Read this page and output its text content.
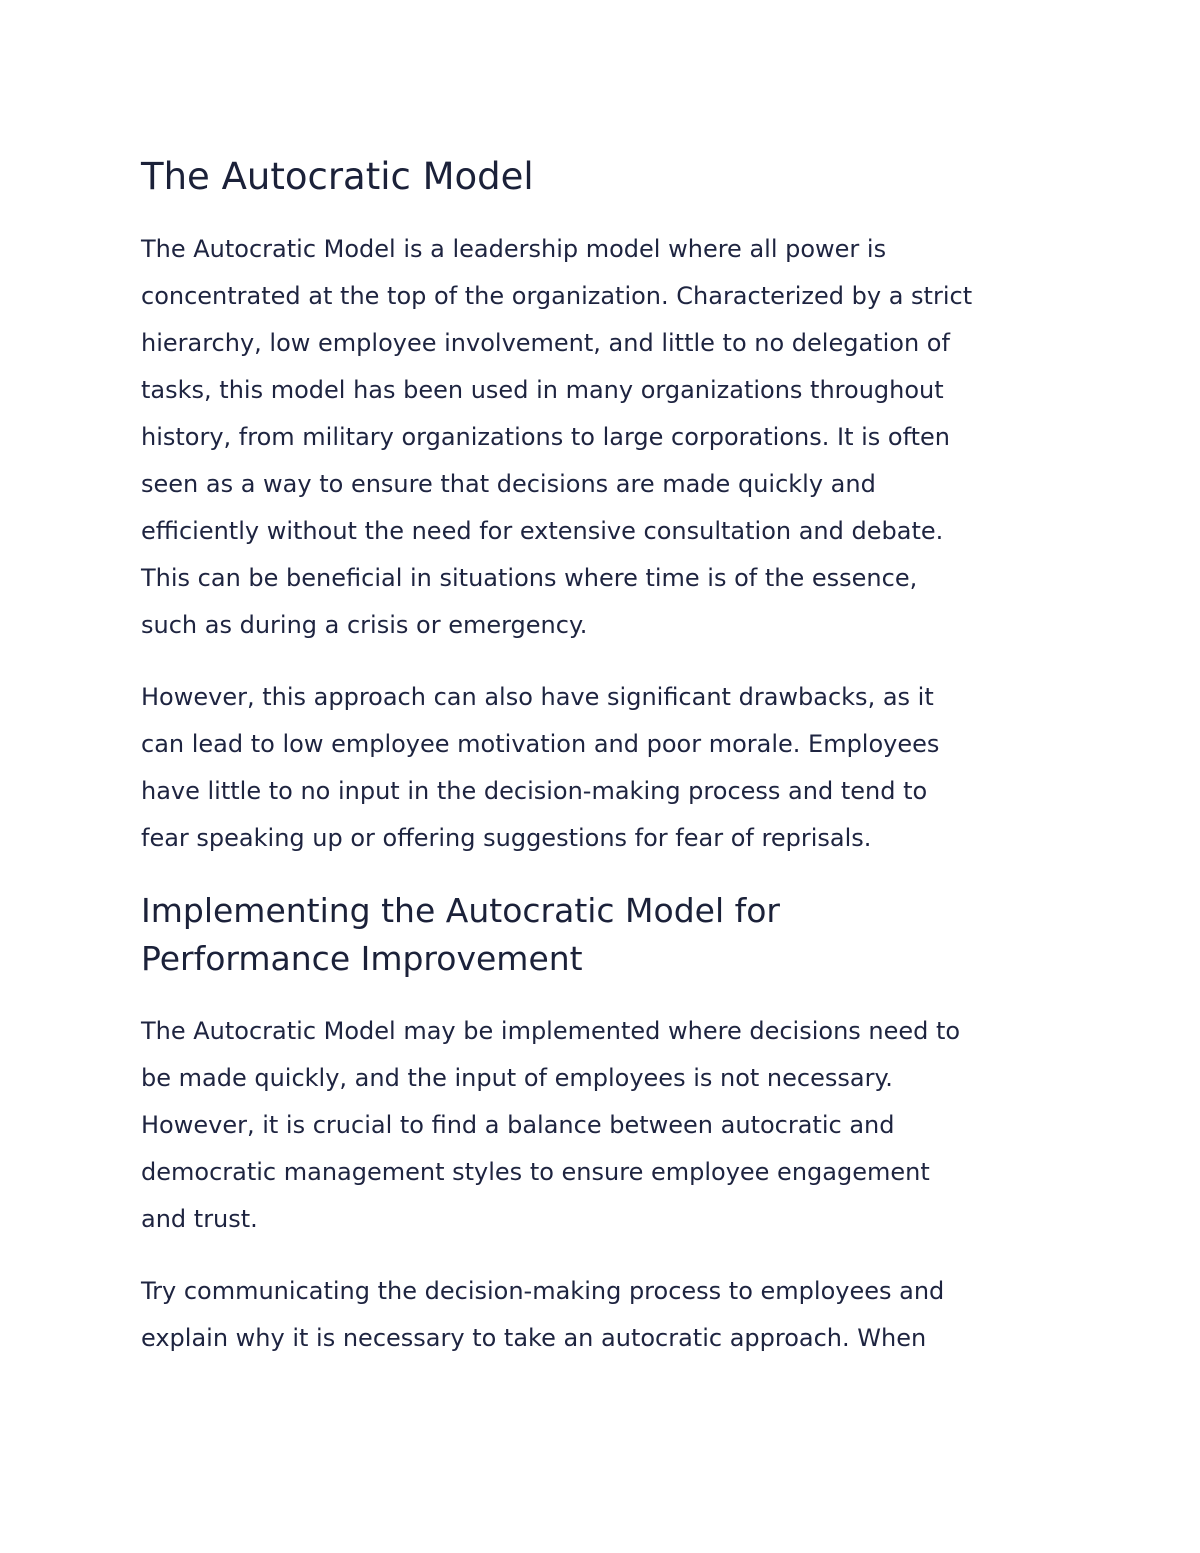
The Autocratic Model
The Autocratic Model is a leadership model where all power is
concentrated at the top of the organization. Characterized by a strict
hierarchy, low employee involvement, and little to no delegation of
tasks, this model has been used in many organizations throughout
history, from military organizations to large corporations. It is often
seen as a way to ensure that decisions are made quickly and
efficiently without the need for extensive consultation and debate.
This can be beneficial in situations where time is of the essence,
such as during a crisis or emergency.
However, this approach can also have significant drawbacks, as it
can lead to low employee motivation and poor morale. Employees
have little to no input in the decision-making process and tend to
fear speaking up or offering suggestions for fear of reprisals.
Implementing the Autocratic Model for
Performance Improvement
The Autocratic Model may be implemented where decisions need to
be made quickly, and the input of employees is not necessary.
However, it is crucial to find a balance between autocratic and
democratic management styles to ensure employee engagement
and trust.
Try communicating the decision-making process to employees and
explain why it is necessary to take an autocratic approach. When
